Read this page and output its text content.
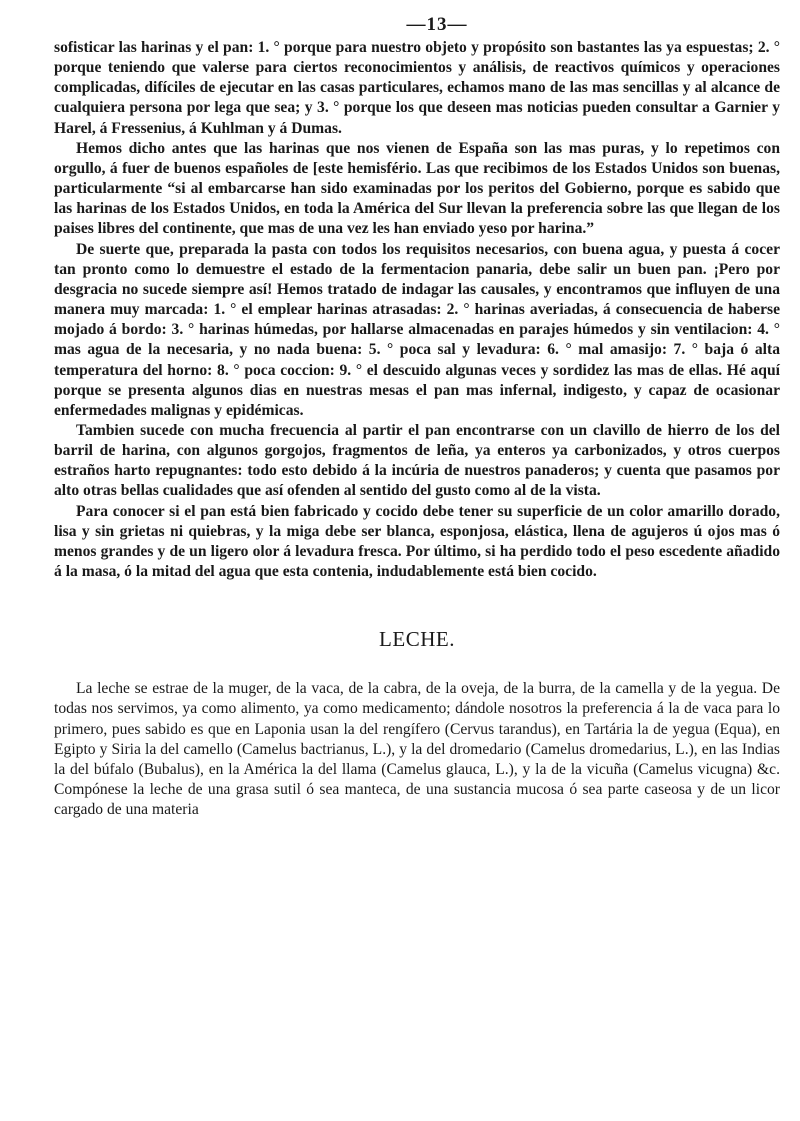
—13—

sofisticar las harinas y el pan: 1. ° porque para nuestro objeto y propósito son bastantes las ya espuestas; 2. ° porque teniendo que valerse para ciertos reconocimientos y análisis, de reactivos químicos y operaciones complicadas, difíciles de ejecutar en las casas particulares, echamos mano de las mas sencillas y al alcance de cualquiera persona por lega que sea; y 3. ° porque los que deseen mas noticias pueden consultar a Garnier y Harel, á Fressenius, á Kuhlman y á Dumas.

Hemos dicho antes que las harinas que nos vienen de España son las mas puras, y lo repetimos con orgullo, á fuer de buenos españoles de [este hemisfério. Las que recibimos de los Estados Unidos son buenas, particularmente “si al embarcarse han sido examinadas por los peritos del Gobierno, porque es sabido que las harinas de los Estados Unidos, en toda la América del Sur llevan la preferencia sobre las que llegan de los paises libres del continente, que mas de una vez les han enviado yeso por harina.”

De suerte que, preparada la pasta con todos los requisitos necesarios, con buena agua, y puesta á cocer tan pronto como lo demuestre el estado de la fermentacion panaria, debe salir un buen pan. ¡Pero por desgracia no sucede siempre así! Hemos tratado de indagar las causales, y encontramos que influyen de una manera muy marcada: 1. ° el emplear harinas atrasadas: 2. ° harinas averiadas, á consecuencia de haberse mojado á bordo: 3. ° harinas húmedas, por hallarse almacenadas en parajes húmedos y sin ventilacion: 4. ° mas agua de la necesaria, y no nada buena: 5. ° poca sal y levadura: 6. ° mal amasijo: 7. ° baja ó alta temperatura del horno: 8. ° poca coccion: 9. ° el descuido algunas veces y sordidez las mas de ellas. Hé aquí porque se presenta algunos dias en nuestras mesas el pan mas infernal, indigesto, y capaz de ocasionar enfermedades malignas y epidémicas.

Tambien sucede con mucha frecuencia al partir el pan encontrarse con un clavillo de hierro de los del barril de harina, con algunos gorgojos, fragmentos de leña, ya enteros ya carbonizados, y otros cuerpos estraños harto repugnantes: todo esto debido á la incúria de nuestros panaderos; y cuenta que pasamos por alto otras bellas cualidades que así ofenden al sentido del gusto como al de la vista.

Para conocer si el pan está bien fabricado y cocido debe tener su superficie de un color amarillo dorado, lisa y sin grietas ni quiebras, y la miga debe ser blanca, esponjosa, elástica, llena de agujeros ú ojos mas ó menos grandes y de un ligero olor á levadura fresca. Por último, si ha perdido todo el peso escedente añadido á la masa, ó la mitad del agua que esta contenia, indudablemente está bien cocido.

LECHE.

La leche se estrae de la muger, de la vaca, de la cabra, de la oveja, de la burra, de la camella y de la yegua. De todas nos servimos, ya como alimento, ya como medicamento; dándole nosotros la preferencia á la de vaca para lo primero, pues sabido es que en Laponia usan la del rengífero (Cervus tarandus), en Tartária la de yegua (Equa), en Egipto y Siria la del camello (Camelus bactrianus, L.), y la del dromedario (Camelus dromedarius, L.), en las Indias la del búfalo (Bubalus), en la América la del llama (Camelus glauca, L.), y la de la vicuña (Camelus vicugna) &c. Compónese la leche de una grasa sutil ó sea manteca, de una sustancia mucosa ó sea parte caseosa y de un licor cargado de una materia
